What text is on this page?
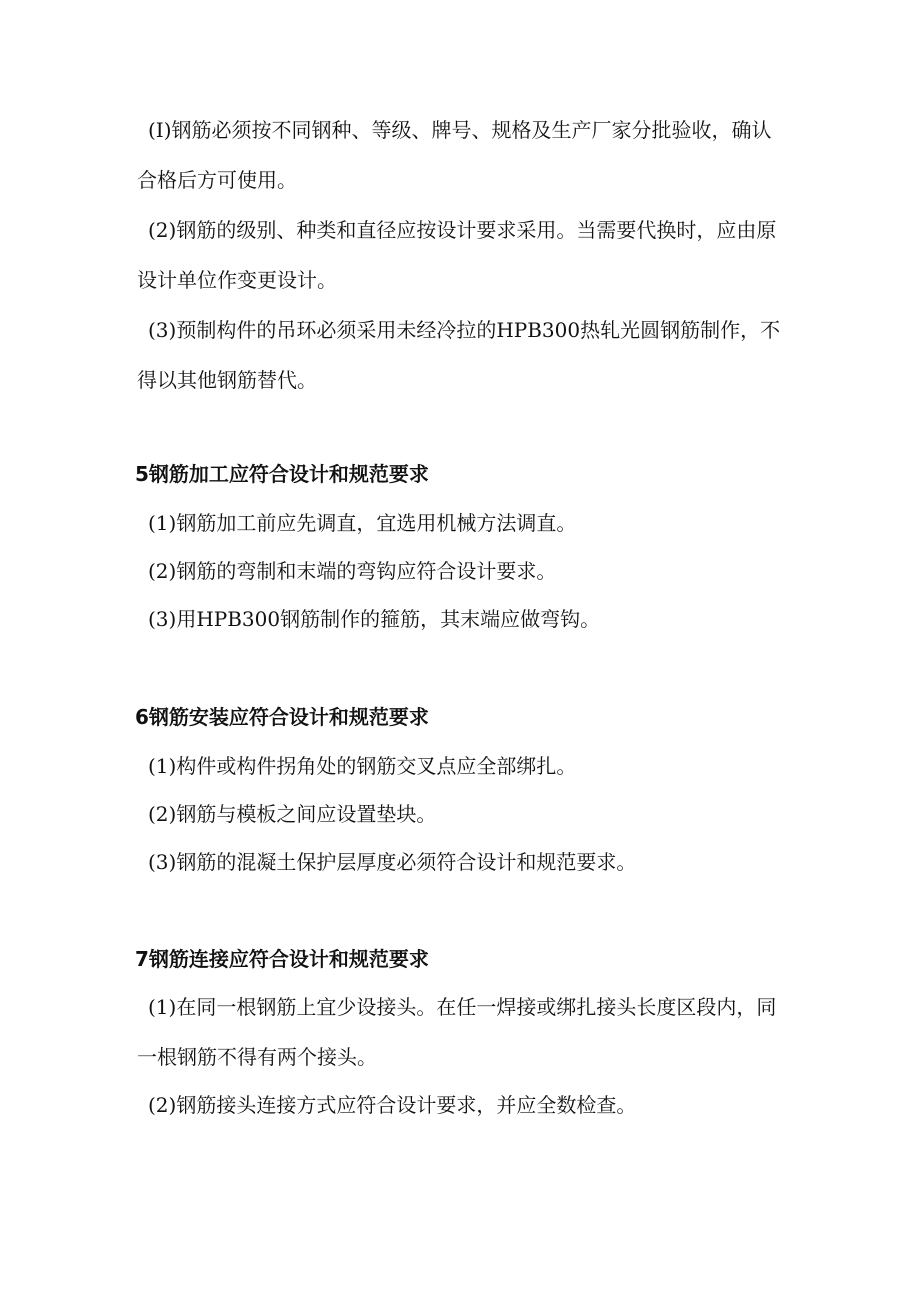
(I)钢筋必须按不同钢种、等级、牌号、规格及生产厂家分批验收，确认合格后方可使用。

(2)钢筋的级别、种类和直径应按设计要求采用。当需要代换时，应由原设计单位作变更设计。

(3)预制构件的吊环必须采用未经冷拉的HPB300热轧光圆钢筋制作，不得以其他钢筋替代。

5钢筋加工应符合设计和规范要求

(1)钢筋加工前应先调直，宜选用机械方法调直。

(2)钢筋的弯制和末端的弯钩应符合设计要求。

(3)用HPB300钢筋制作的箍筋，其末端应做弯钩。

6钢筋安装应符合设计和规范要求

(1)构件或构件拐角处的钢筋交叉点应全部绑扎。

(2)钢筋与模板之间应设置垫块。

(3)钢筋的混凝土保护层厚度必须符合设计和规范要求。

7钢筋连接应符合设计和规范要求

(1)在同一根钢筋上宜少设接头。在任一焊接或绑扎接头长度区段内，同一根钢筋不得有两个接头。

(2)钢筋接头连接方式应符合设计要求，并应全数检查。
